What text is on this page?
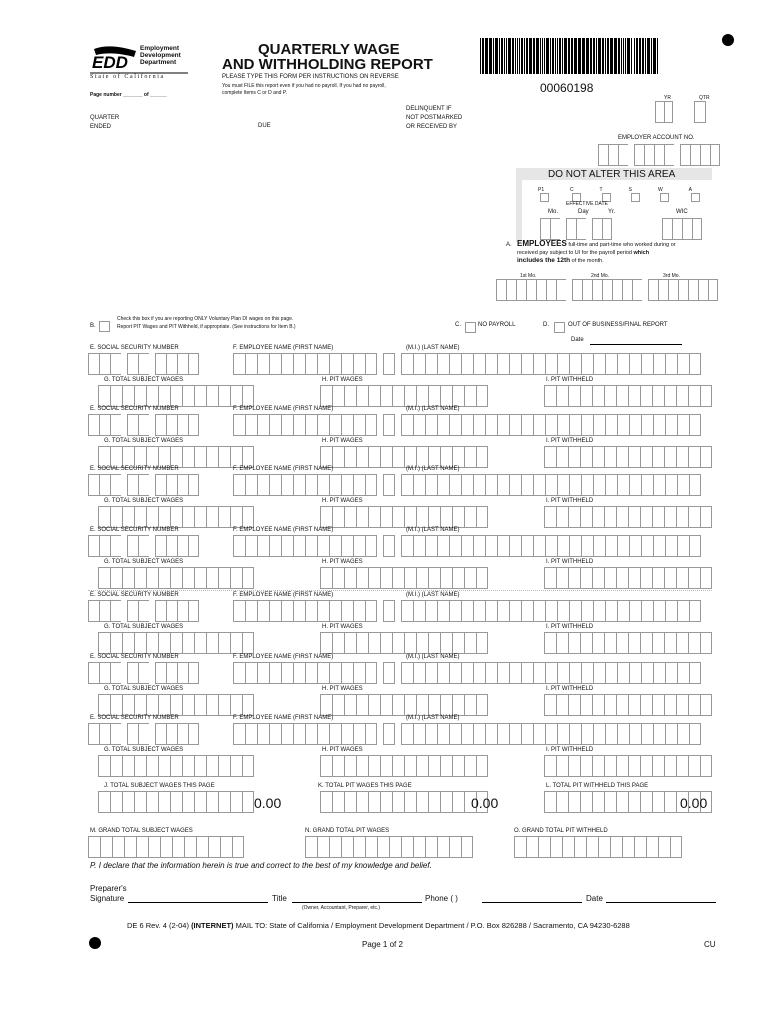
EDD
Employment
Development
Department
State of California
Page number _______ of ______
QUARTERLY WAGE
AND WITHHOLDING REPORT
PLEASE TYPE THIS FORM PER INSTRUCTIONS ON REVERSE
You must FILE this report even if you had no payroll. If you had no payroll,
complete Items C or D and P.	00060198
YR	QTR
QUARTER
ENDED	DUE
DELINQUENT IF
NOT POSTMARKED
OR RECEIVED BY
EMPLOYER ACCOUNT NO.
DO NOT ALTER THIS AREA
P1	C	T	S	W	A
EFFECTIVE DATE
Mo.	Day	Yr.	WIC
A. EMPLOYEES full-time and part-time who worked during or
received pay subject to UI for the payroll period which
includes the 12th of the month.
1st Mo.	2nd Mo.	3rd Mo.
B.
Check this box if you are reporting ONLY Voluntary Plan DI wages on this page.
Report PIT Wages and PIT Withheld, if appropriate. (See instructions for Item B.)	C.	NO PAYROLL	D.	OUT OF BUSINESS/FINAL REPORT
Date
E. SOCIAL SECURITY NUMBER	F. EMPLOYEE NAME (FIRST NAME)	(M.I.) (LAST NAME)
G. TOTAL SUBJECT WAGES	H. PIT WAGES	I. PIT WITHHELD
E. SOCIAL SECURITY NUMBER	F. EMPLOYEE NAME (FIRST NAME)	(M.I.) (LAST NAME)
G. TOTAL SUBJECT WAGES	H. PIT WAGES	I. PIT WITHHELD
E. SOCIAL SECURITY NUMBER	F. EMPLOYEE NAME (FIRST NAME)	(M.I.) (LAST NAME)
G. TOTAL SUBJECT WAGES	H. PIT WAGES	I. PIT WITHHELD
E. SOCIAL SECURITY NUMBER	F. EMPLOYEE NAME (FIRST NAME)	(M.I.) (LAST NAME)
G. TOTAL SUBJECT WAGES	H. PIT WAGES	I. PIT WITHHELD
E. SOCIAL SECURITY NUMBER	F. EMPLOYEE NAME (FIRST NAME)	(M.I.) (LAST NAME)
G. TOTAL SUBJECT WAGES	H. PIT WAGES	I. PIT WITHHELD
E. SOCIAL SECURITY NUMBER	F. EMPLOYEE NAME (FIRST NAME)	(M.I.) (LAST NAME)
G. TOTAL SUBJECT WAGES	H. PIT WAGES	I. PIT WITHHELD
E. SOCIAL SECURITY NUMBER	F. EMPLOYEE NAME (FIRST NAME)	(M.I.) (LAST NAME)
G. TOTAL SUBJECT WAGES	H. PIT WAGES	I. PIT WITHHELD
J. TOTAL SUBJECT WAGES THIS PAGE	K. TOTAL PIT WAGES THIS PAGE	L. TOTAL PIT WITHHELD THIS PAGE
0.00	0.00	0.00
M. GRAND TOTAL SUBJECT WAGES	N. GRAND TOTAL PIT WAGES	O. GRAND TOTAL PIT WITHHELD
P. I declare that the information herein is true and correct to the best of my knowledge and belief.
Preparer's
Signature	Title
(Owner, Accountant, Preparer, etc.)
Phone ( )	Date
DE 6 Rev. 4 (2-04) (INTERNET) MAIL TO: State of California / Employment Development Department / P.O. Box 826288 / Sacramento, CA 94230-6288
Page 1 of 2	CU
